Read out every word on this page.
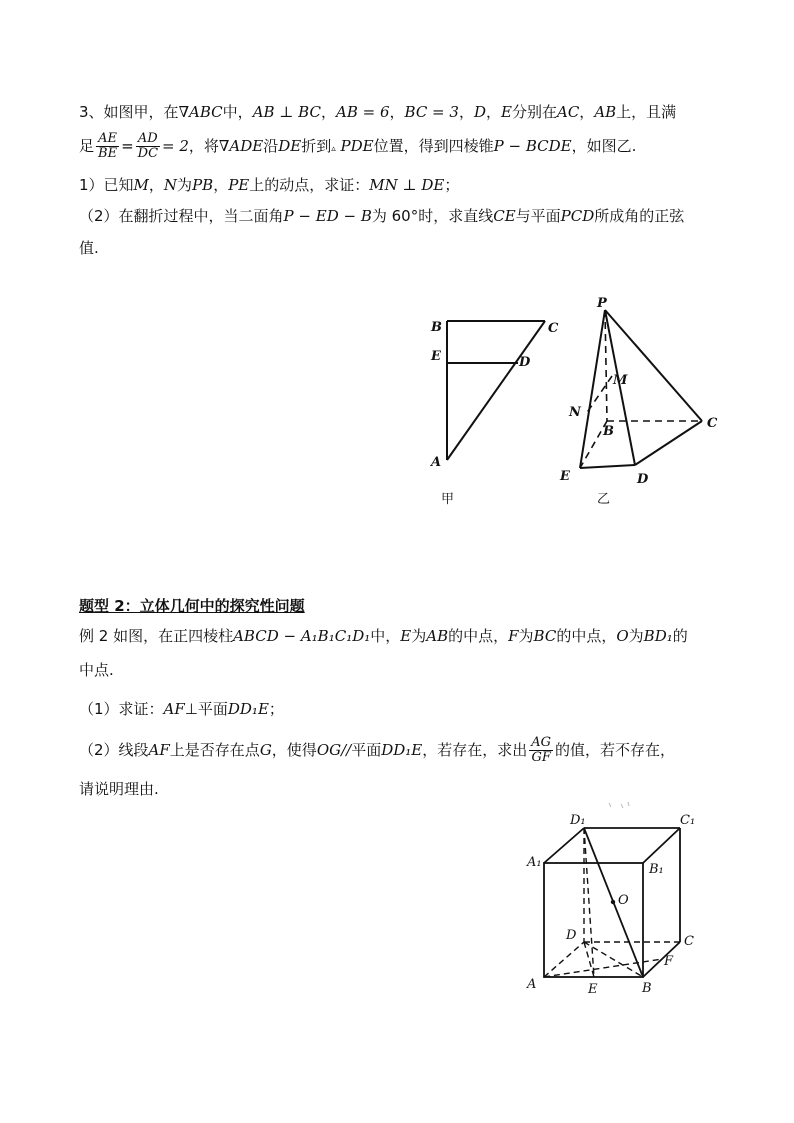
3、如图甲，在∇ABC中，AB ⊥ BC，AB = 6，BC = 3，D，E分别在AC，AB上，且满
足 $\frac{AE}{BE} = \frac{AD}{DC} = 2$，将∇ADE沿DE折到▵ PDE位置，得到四棱锥P − BCDE，如图乙.
1）已知M，N为PB，PE上的动点，求证：MN ⊥ DE；
（2）在翻折过程中，当二面角P − ED − B为 60°时，求直线CE与平面PCD所成角的正弦
值.
B	C
E	D
A
甲
P
M
N
B
C
E	D
乙
题型 2：立体几何中的探究性问题
例 2 如图，在正四棱柱ABCD − A₁B₁C₁D₁中，E为AB的中点，F为BC的中点，O为BD₁的
中点.
（1）求证：AF⊥平面DD₁E；
（2）线段AF上是否存在点G，使得OG//平面DD₁E，若存在，求出 $\frac{AG}{GF}$ 的值，若不存在，
请说明理由.
D₁	C₁
A₁	B₁
O
D	C
F
A	E	B
